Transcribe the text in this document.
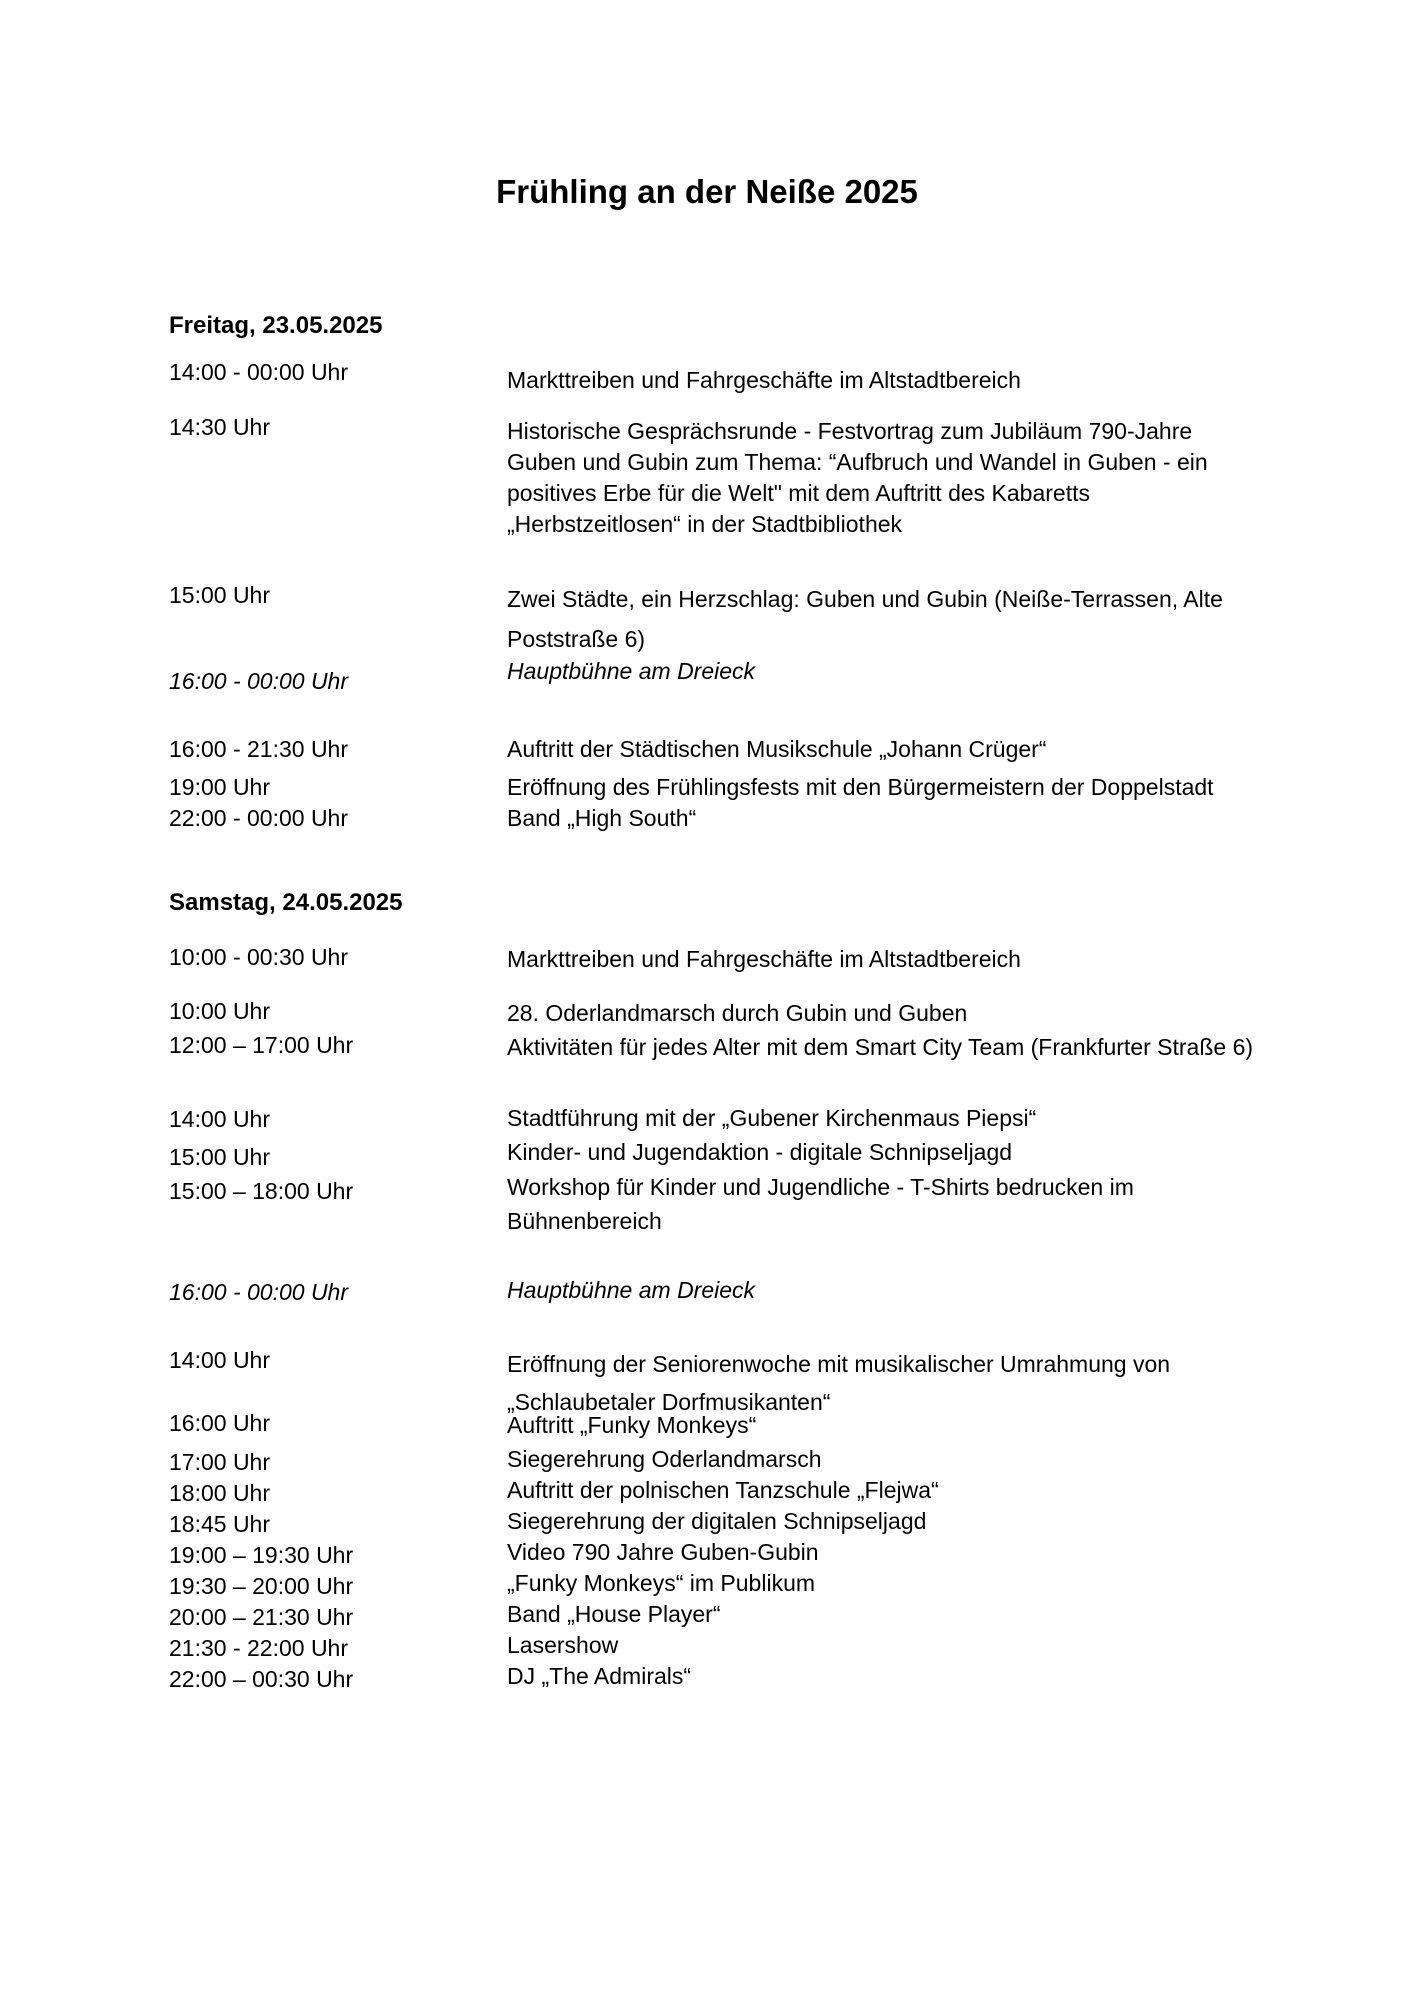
Frühling an der Neiße 2025
Freitag, 23.05.2025
14:00 - 00:00 Uhr	Markttreiben und Fahrgeschäfte im Altstadtbereich
14:30 Uhr	Historische Gesprächsrunde - Festvortrag zum Jubiläum 790-Jahre Guben und Gubin zum Thema: “Aufbruch und Wandel in Guben - ein positives Erbe für die Welt" mit dem Auftritt des Kabaretts „Herbstzeitlosen“ in der Stadtbibliothek
15:00 Uhr	Zwei Städte, ein Herzschlag: Guben und Gubin (Neiße-Terrassen, Alte Poststraße 6)
16:00 - 00:00 Uhr	Hauptbühne am Dreieck
16:00 - 21:30 Uhr	Auftritt der Städtischen Musikschule „Johann Crüger“
19:00 Uhr	Eröffnung des Frühlingsfests mit den Bürgermeistern der Doppelstadt
22:00 - 00:00 Uhr	Band „High South“
Samstag, 24.05.2025
10:00 - 00:30 Uhr	Markttreiben und Fahrgeschäfte im Altstadtbereich
10:00 Uhr	28. Oderlandmarsch durch Gubin und Guben
12:00 – 17:00 Uhr	Aktivitäten für jedes Alter mit dem Smart City Team (Frankfurter Straße 6)
14:00 Uhr	Stadtführung mit der „Gubener Kirchenmaus Piepsi“
15:00 Uhr	Kinder- und Jugendaktion - digitale Schnipseljagd
15:00 – 18:00 Uhr	Workshop für Kinder und Jugendliche - T-Shirts bedrucken im Bühnenbereich
16:00 - 00:00 Uhr	Hauptbühne am Dreieck
14:00 Uhr	Eröffnung der Seniorenwoche mit musikalischer Umrahmung von „Schlaubetaler Dorfmusikanten“
16:00 Uhr	Auftritt „Funky Monkeys“
17:00 Uhr	Siegerehrung Oderlandmarsch
18:00 Uhr	Auftritt der polnischen Tanzschule „Flejwa“
18:45 Uhr	Siegerehrung der digitalen Schnipseljagd
19:00 – 19:30 Uhr	Video 790 Jahre Guben-Gubin
19:30 – 20:00 Uhr	„Funky Monkeys“ im Publikum
20:00 – 21:30 Uhr	Band „House Player“
21:30 - 22:00 Uhr	Lasershow
22:00 – 00:30 Uhr	DJ „The Admirals“
